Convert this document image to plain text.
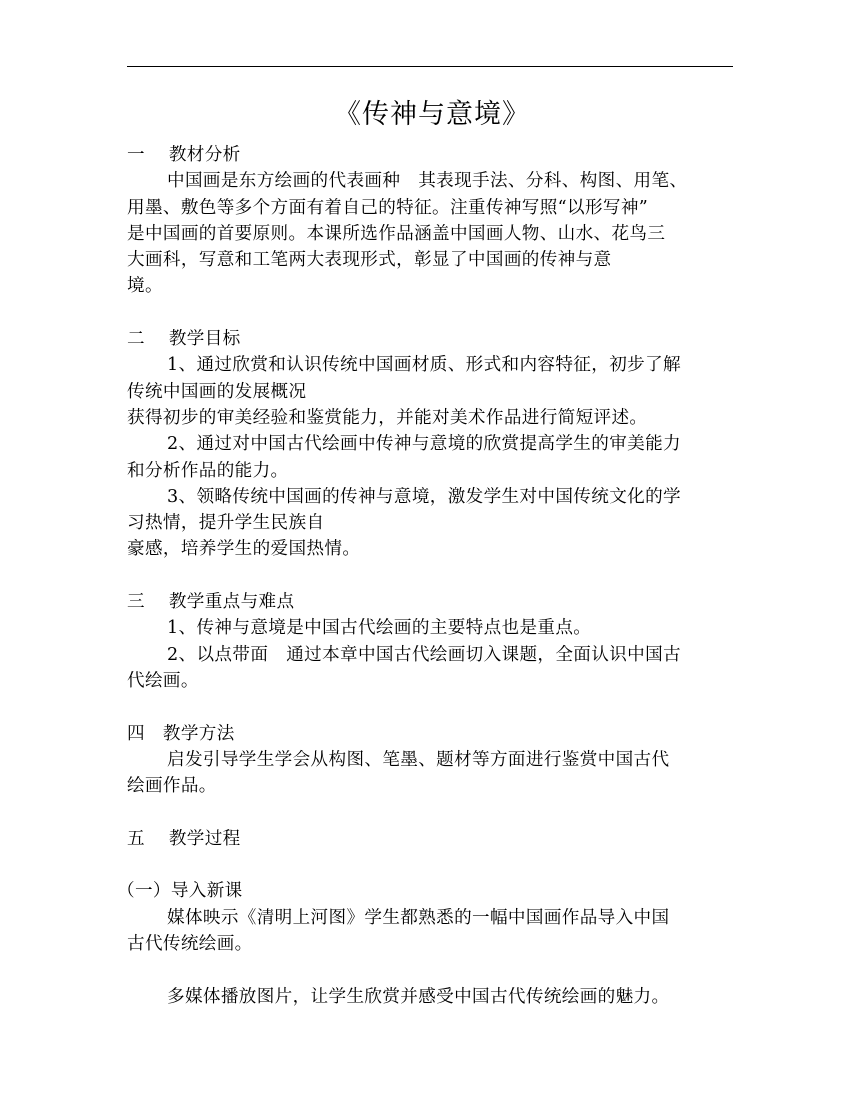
《传神与意境》
一　 教材分析
中国画是东方绘画的代表画种　其表现手法、分科、构图、用笔、
用墨、敷色等多个方面有着自己的特征。注重传神写照“以形写神”
是中国画的首要原则。本课所选作品涵盖中国画人物、山水、花鸟三
大画科，写意和工笔两大表现形式，彰显了中国画的传神与意
境。
二　 教学目标
1、通过欣赏和认识传统中国画材质、形式和内容特征，初步了解
传统中国画的发展概况
获得初步的审美经验和鉴赏能力，并能对美术作品进行简短评述。
2、通过对中国古代绘画中传神与意境的欣赏提高学生的审美能力
和分析作品的能力。
3、领略传统中国画的传神与意境，激发学生对中国传统文化的学
习热情，提升学生民族自
豪感，培养学生的爱国热情。
三　 教学重点与难点
1、传神与意境是中国古代绘画的主要特点也是重点。
2、以点带面　通过本章中国古代绘画切入课题，全面认识中国古
代绘画。
四　教学方法
启发引导学生学会从构图、笔墨、题材等方面进行鉴赏中国古代
绘画作品。
五　 教学过程
（一）导入新课
媒体映示《清明上河图》学生都熟悉的一幅中国画作品导入中国
古代传统绘画。
多媒体播放图片，让学生欣赏并感受中国古代传统绘画的魅力。
